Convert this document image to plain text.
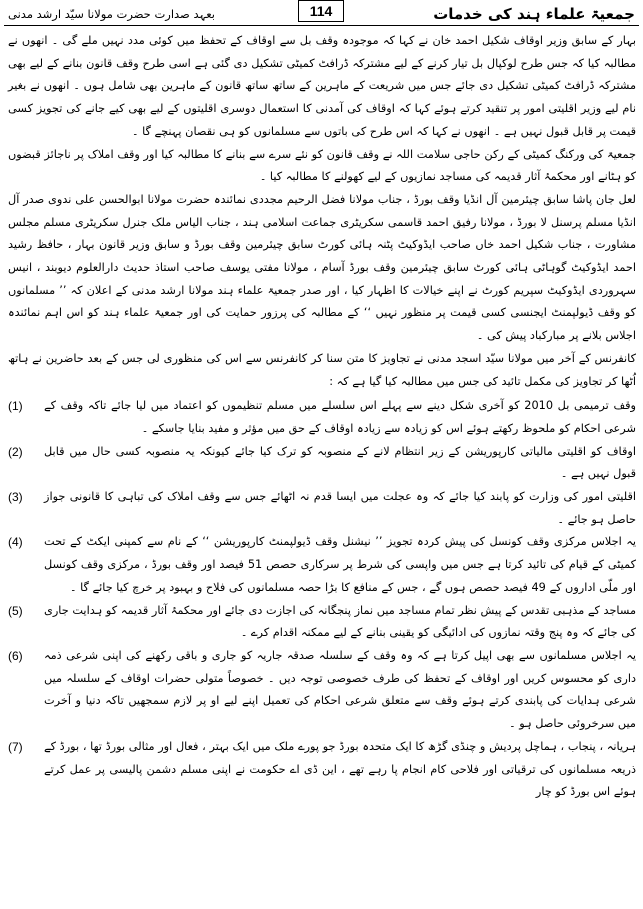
جمعیۃ علماء ہند کی خدمات
بعہد صدارت حضرت مولانا سیّد ارشد مدنی	114

بہار کے سابق وزیر اوقاف شکیل احمد خان نے کہا کہ موجودہ وقف بل سے اوقاف کے تحفظ میں کوئی مدد نہیں ملے گی ۔ انھوں نے مطالبہ کیا کہ جس طرح لوکپال بل تیار کرنے کے لیے مشترکہ ڈرافٹ کمیٹی تشکیل دی گئی ہے اسی طرح وقف قانون بنانے کے لیے بھی مشترکہ ڈرافٹ کمیٹی تشکیل دی جائے جس میں شریعت کے ماہرین کے ساتھ ساتھ قانون کے ماہرین بھی شامل ہوں ۔ انھوں نے بغیر نام لیے وزیر اقلیتی امور پر تنقید کرتے ہوئے کہا کہ اوقاف کی آمدنی کا استعمال دوسری اقلیتوں کے لیے بھی کیے جانے کی تجویز کسی قیمت پر قابل قبول نہیں ہے ۔ انھوں نے کہا کہ اس طرح کی باتوں سے مسلمانوں کو ہی نقصان پہنچے گا ۔

جمعیۃ کی ورکنگ کمیٹی کے رکن حاجی سلامت اللہ نے وقف قانون کو نئے سرے سے بنانے کا مطالبہ کیا اور وقف املاک پر ناجائز قبضوں کو ہٹانے اور محکمۂ آثار قدیمہ کی مساجد نمازیوں کے لیے کھولنے کا مطالبہ کیا ۔

لعل جان پاشا سابق چیئرمین آل انڈیا وقف بورڈ ، جناب مولانا فضل الرحیم مجددی نمائندہ حضرت مولانا ابوالحسن علی ندوی صدر آل انڈیا مسلم پرسنل لا بورڈ ، مولانا رفیق احمد قاسمی سکریٹری جماعت اسلامی ہند ، جناب الیاس ملک جنرل سکریٹری مسلم مجلس مشاورت ، جناب شکیل احمد خاں صاحب ایڈوکیٹ پٹنہ ہائی کورٹ سابق چیئرمین وقف بورڈ و سابق وزیر قانون بہار ، حافظ رشید احمد ایڈوکیٹ گوہاٹی ہائی کورٹ سابق چیئرمین وقف بورڈ آسام ، مولانا مفتی یوسف صاحب استاذ حدیث دارالعلوم دیوبند ، انیس سہروردی ایڈوکیٹ سپریم کورٹ نے اپنے خیالات کا اظہار کیا ، اور صدر جمعیۃ علماء ہند مولانا ارشد مدنی کے اعلان کہ ’’ مسلمانوں کو وقف ڈیولپمنٹ ایجنسی کسی قیمت پر منظور نہیں ‘‘ کے مطالبہ کی پرزور حمایت کی اور جمعیۃ علماء ہند کو اس اہم نمائندہ اجلاس بلانے پر مبارکباد پیش کی ۔

کانفرنس کے آخر میں مولانا سیّد اسجد مدنی نے تجاویز کا متن سنا کر کانفرنس سے اس کی منظوری لی جس کے بعد حاضرین نے ہاتھ اُٹھا کر تجاویز کی مکمل تائید کی جس میں مطالبہ کیا گیا ہے کہ :

وقف ترمیمی بل 2010 کو آخری شکل دینے سے پہلے اس سلسلے میں مسلم تنظیموں کو اعتماد میں لیا جائے تاکہ وقف کے شرعی احکام کو ملحوظ رکھتے ہوئے اس کو زیادہ سے زیادہ اوقاف کے حق میں مؤثر و مفید بنایا جاسکے ۔

(1)

اوقاف کو اقلیتی مالیاتی کارپوریشن کے زیر انتظام لانے کے منصوبہ کو ترک کیا جائے کیونکہ یہ منصوبہ کسی حال میں قابل قبول نہیں ہے ۔

(2)

اقلیتی امور کی وزارت کو پابند کیا جائے کہ وہ عجلت میں ایسا قدم نہ اٹھائے جس سے وقف املاک کی تباہی کا قانونی جواز حاصل ہو جائے ۔

(3)

یہ اجلاس مرکزی وقف کونسل کی پیش کردہ تجویز ’’ نیشنل وقف ڈیولپمنٹ کارپوریشن ‘‘ کے نام سے کمپنی ایکٹ کے تحت کمیٹی کے قیام کی تائید کرتا ہے جس میں واپسی کی شرط پر سرکاری حصص 51 فیصد اور وقف بورڈ ، مرکزی وقف کونسل اور ملّی اداروں کے 49 فیصد حصص ہوں گے ، جس کے منافع کا بڑا حصہ مسلمانوں کی فلاح و بہبود پر خرچ کیا جائے گا ۔

(4)

مساجد کے مذہبی تقدس کے پیش نظر تمام مساجد میں نماز پنجگانہ کی اجازت دی جائے اور محکمۂ آثار قدیمہ کو ہدایت جاری کی جائے کہ وہ پنج وقتہ نمازوں کی ادائیگی کو یقینی بنانے کے لیے ممکنہ اقدام کرے ۔

(5)

یہ اجلاس مسلمانوں سے بھی اپیل کرتا ہے کہ وہ وقف کے سلسلہ صدقہ جاریہ کو جاری و باقی رکھنے کی اپنی شرعی ذمہ داری کو محسوس کریں اور اوقاف کے تحفظ کی طرف خصوصی توجہ دیں ۔ خصوصاً متولی حضرات اوقاف کے سلسلہ میں شرعی ہدایات کی پابندی کرتے ہوئے وقف سے متعلق شرعی احکام کی تعمیل اپنے لیے او پر لازم سمجھیں تاکہ دنیا و آخرت میں سرخروئی حاصل ہو ۔

(6)

ہریانہ ، پنجاب ، ہماچل پردیش و چنڈی گڑھ کا ایک متحدہ بورڈ جو پورے ملک میں ایک بہتر ، فعال اور مثالی بورڈ تھا ، بورڈ کے ذریعہ مسلمانوں کی ترقیاتی اور فلاحی کام انجام پا رہے تھے ، این ڈی اے حکومت نے اپنی مسلم دشمن پالیسی پر عمل کرتے ہوئے اس بورڈ کو چار

(7)
